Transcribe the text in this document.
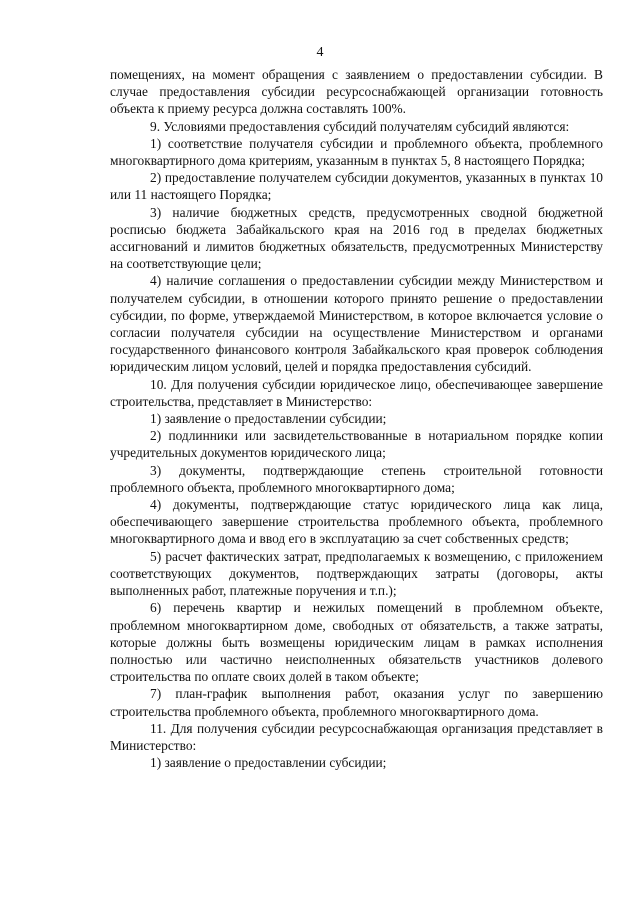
4

помещениях, на момент обращения с заявлением о предоставлении субсидии. В случае предоставления субсидии ресурсоснабжающей организации готовность объекта к приему ресурса должна составлять 100%.

9. Условиями предоставления субсидий получателям субсидий являются:

1) соответствие получателя субсидии и проблемного объекта, проблемного многоквартирного дома критериям, указанным в пунктах 5, 8 настоящего Порядка;

2) предоставление получателем субсидии документов, указанных в пунктах 10 или 11 настоящего Порядка;

3) наличие бюджетных средств, предусмотренных сводной бюджетной росписью бюджета Забайкальского края на 2016 год в пределах бюджетных ассигнований и лимитов бюджетных обязательств, предусмотренных Министерству на соответствующие цели;

4) наличие соглашения о предоставлении субсидии между Министерством и получателем субсидии, в отношении которого принято решение о предоставлении субсидии, по форме, утверждаемой Министерством, в которое включается условие о согласии получателя субсидии на осуществление Министерством и органами государственного финансового контроля Забайкальского края проверок соблюдения юридическим лицом условий, целей и порядка предоставления субсидий.

10. Для получения субсидии юридическое лицо, обеспечивающее завершение строительства, представляет в Министерство:

1) заявление о предоставлении субсидии;

2) подлинники или засвидетельствованные в нотариальном порядке копии учредительных документов юридического лица;

3) документы, подтверждающие степень строительной готовности проблемного объекта, проблемного многоквартирного дома;

4) документы, подтверждающие статус юридического лица как лица, обеспечивающего завершение строительства проблемного объекта, проблемного многоквартирного дома и ввод его в эксплуатацию за счет собственных средств;

5) расчет фактических затрат, предполагаемых к возмещению, с приложением соответствующих документов, подтверждающих затраты (договоры, акты выполненных работ, платежные поручения и т.п.);

6) перечень квартир и нежилых помещений в проблемном объекте, проблемном многоквартирном доме, свободных от обязательств, а также затраты, которые должны быть возмещены юридическим лицам в рамках исполнения полностью или частично неисполненных обязательств участников долевого строительства по оплате своих долей в таком объекте;

7) план-график выполнения работ, оказания услуг по завершению строительства проблемного объекта, проблемного многоквартирного дома.

11. Для получения субсидии ресурсоснабжающая организация представляет в Министерство:

1) заявление о предоставлении субсидии;
